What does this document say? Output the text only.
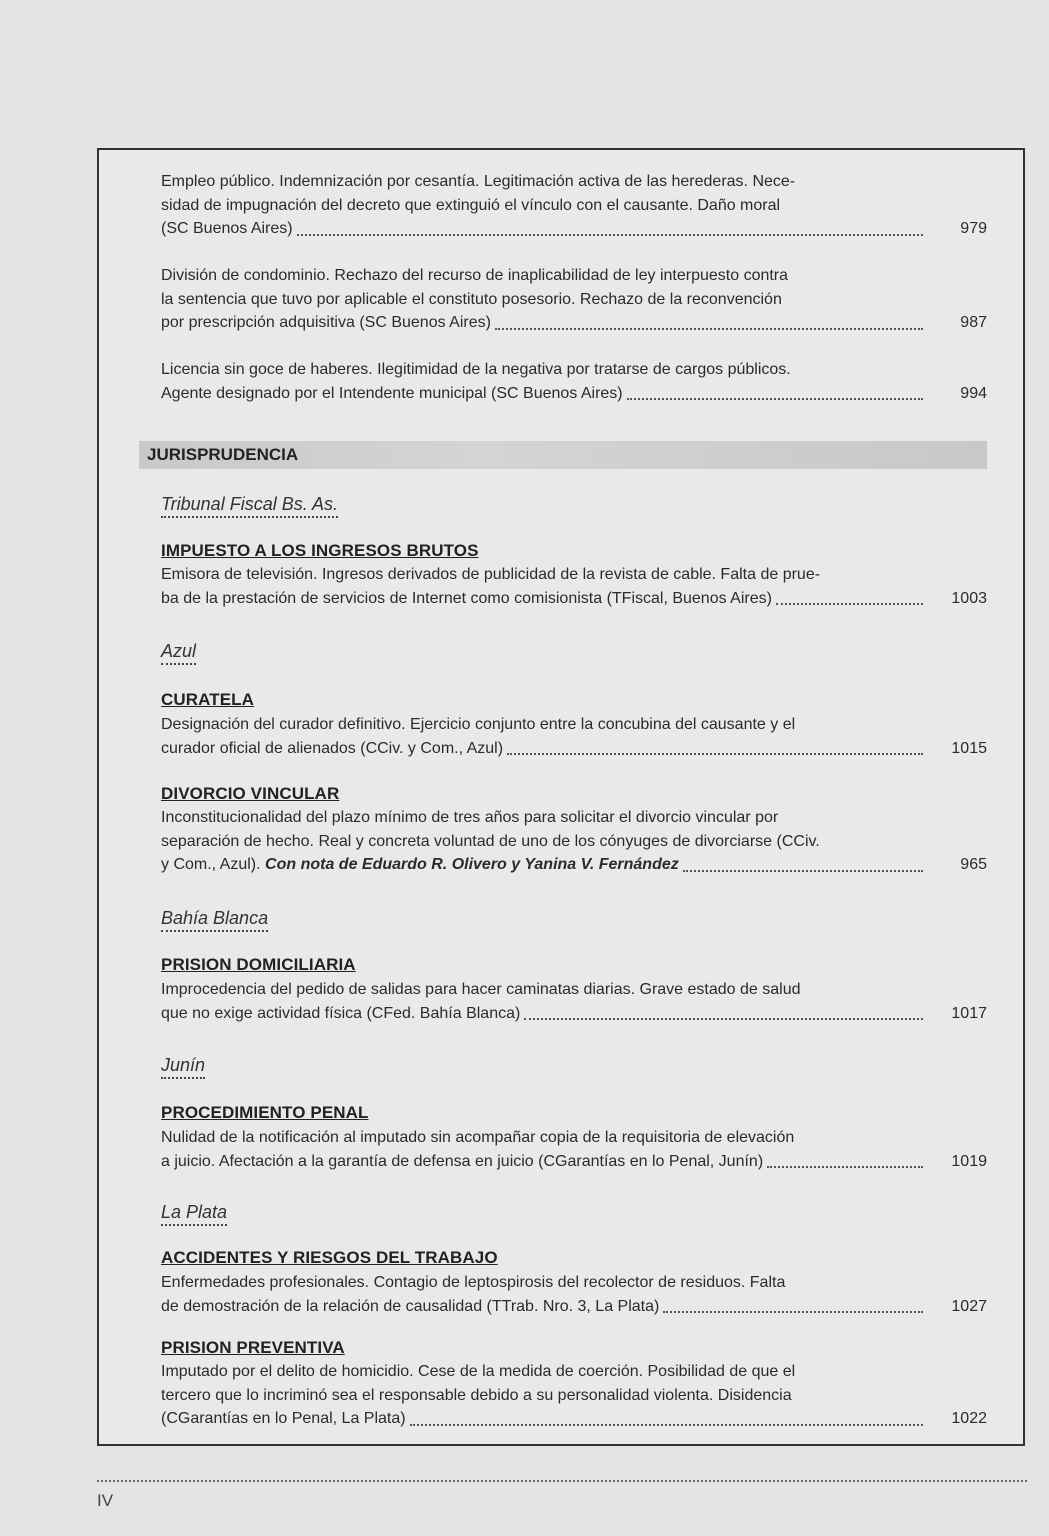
Empleo público. Indemnización por cesantía. Legitimación activa de las herederas. Nece-
sidad de impugnación del decreto que extinguió el vínculo con el causante. Daño moral
(SC Buenos Aires)	979
División de condominio. Rechazo del recurso de inaplicabilidad de ley interpuesto contra
la sentencia que tuvo por aplicable el constituto posesorio. Rechazo de la reconvención
por prescripción adquisitiva (SC Buenos Aires)	987
Licencia sin goce de haberes. Ilegitimidad de la negativa por tratarse de cargos públicos.
Agente designado por el Intendente municipal (SC Buenos Aires)	994
JURISPRUDENCIA
Tribunal Fiscal Bs. As.
IMPUESTO A LOS INGRESOS BRUTOS
Emisora de televisión. Ingresos derivados de publicidad de la revista de cable. Falta de prue-
ba de la prestación de servicios de Internet como comisionista (TFiscal, Buenos Aires)	1003
Azul
CURATELA
Designación del curador definitivo. Ejercicio conjunto entre la concubina del causante y el
curador oficial de alienados (CCiv. y Com., Azul)	1015
DIVORCIO VINCULAR
Inconstitucionalidad del plazo mínimo de tres años para solicitar el divorcio vincular por
separación de hecho. Real y concreta voluntad de uno de los cónyuges de divorciarse (CCiv.
y Com., Azul). Con nota de Eduardo R. Olivero y Yanina V. Fernández	965
Bahía Blanca
PRISION DOMICILIARIA
Improcedencia del pedido de salidas para hacer caminatas diarias. Grave estado de salud
que no exige actividad física (CFed. Bahía Blanca)	1017
Junín
PROCEDIMIENTO PENAL
Nulidad de la notificación al imputado sin acompañar copia de la requisitoria de elevación
a juicio. Afectación a la garantía de defensa en juicio (CGarantías en lo Penal, Junín)	1019
La Plata
ACCIDENTES Y RIESGOS DEL TRABAJO
Enfermedades profesionales. Contagio de leptospirosis del recolector de residuos. Falta
de demostración de la relación de causalidad (TTrab. Nro. 3, La Plata)	1027
PRISION PREVENTIVA
Imputado por el delito de homicidio. Cese de la medida de coerción. Posibilidad de que el
tercero que lo incriminó sea el responsable debido a su personalidad violenta. Disidencia
(CGarantías en lo Penal, La Plata)	1022
IV
